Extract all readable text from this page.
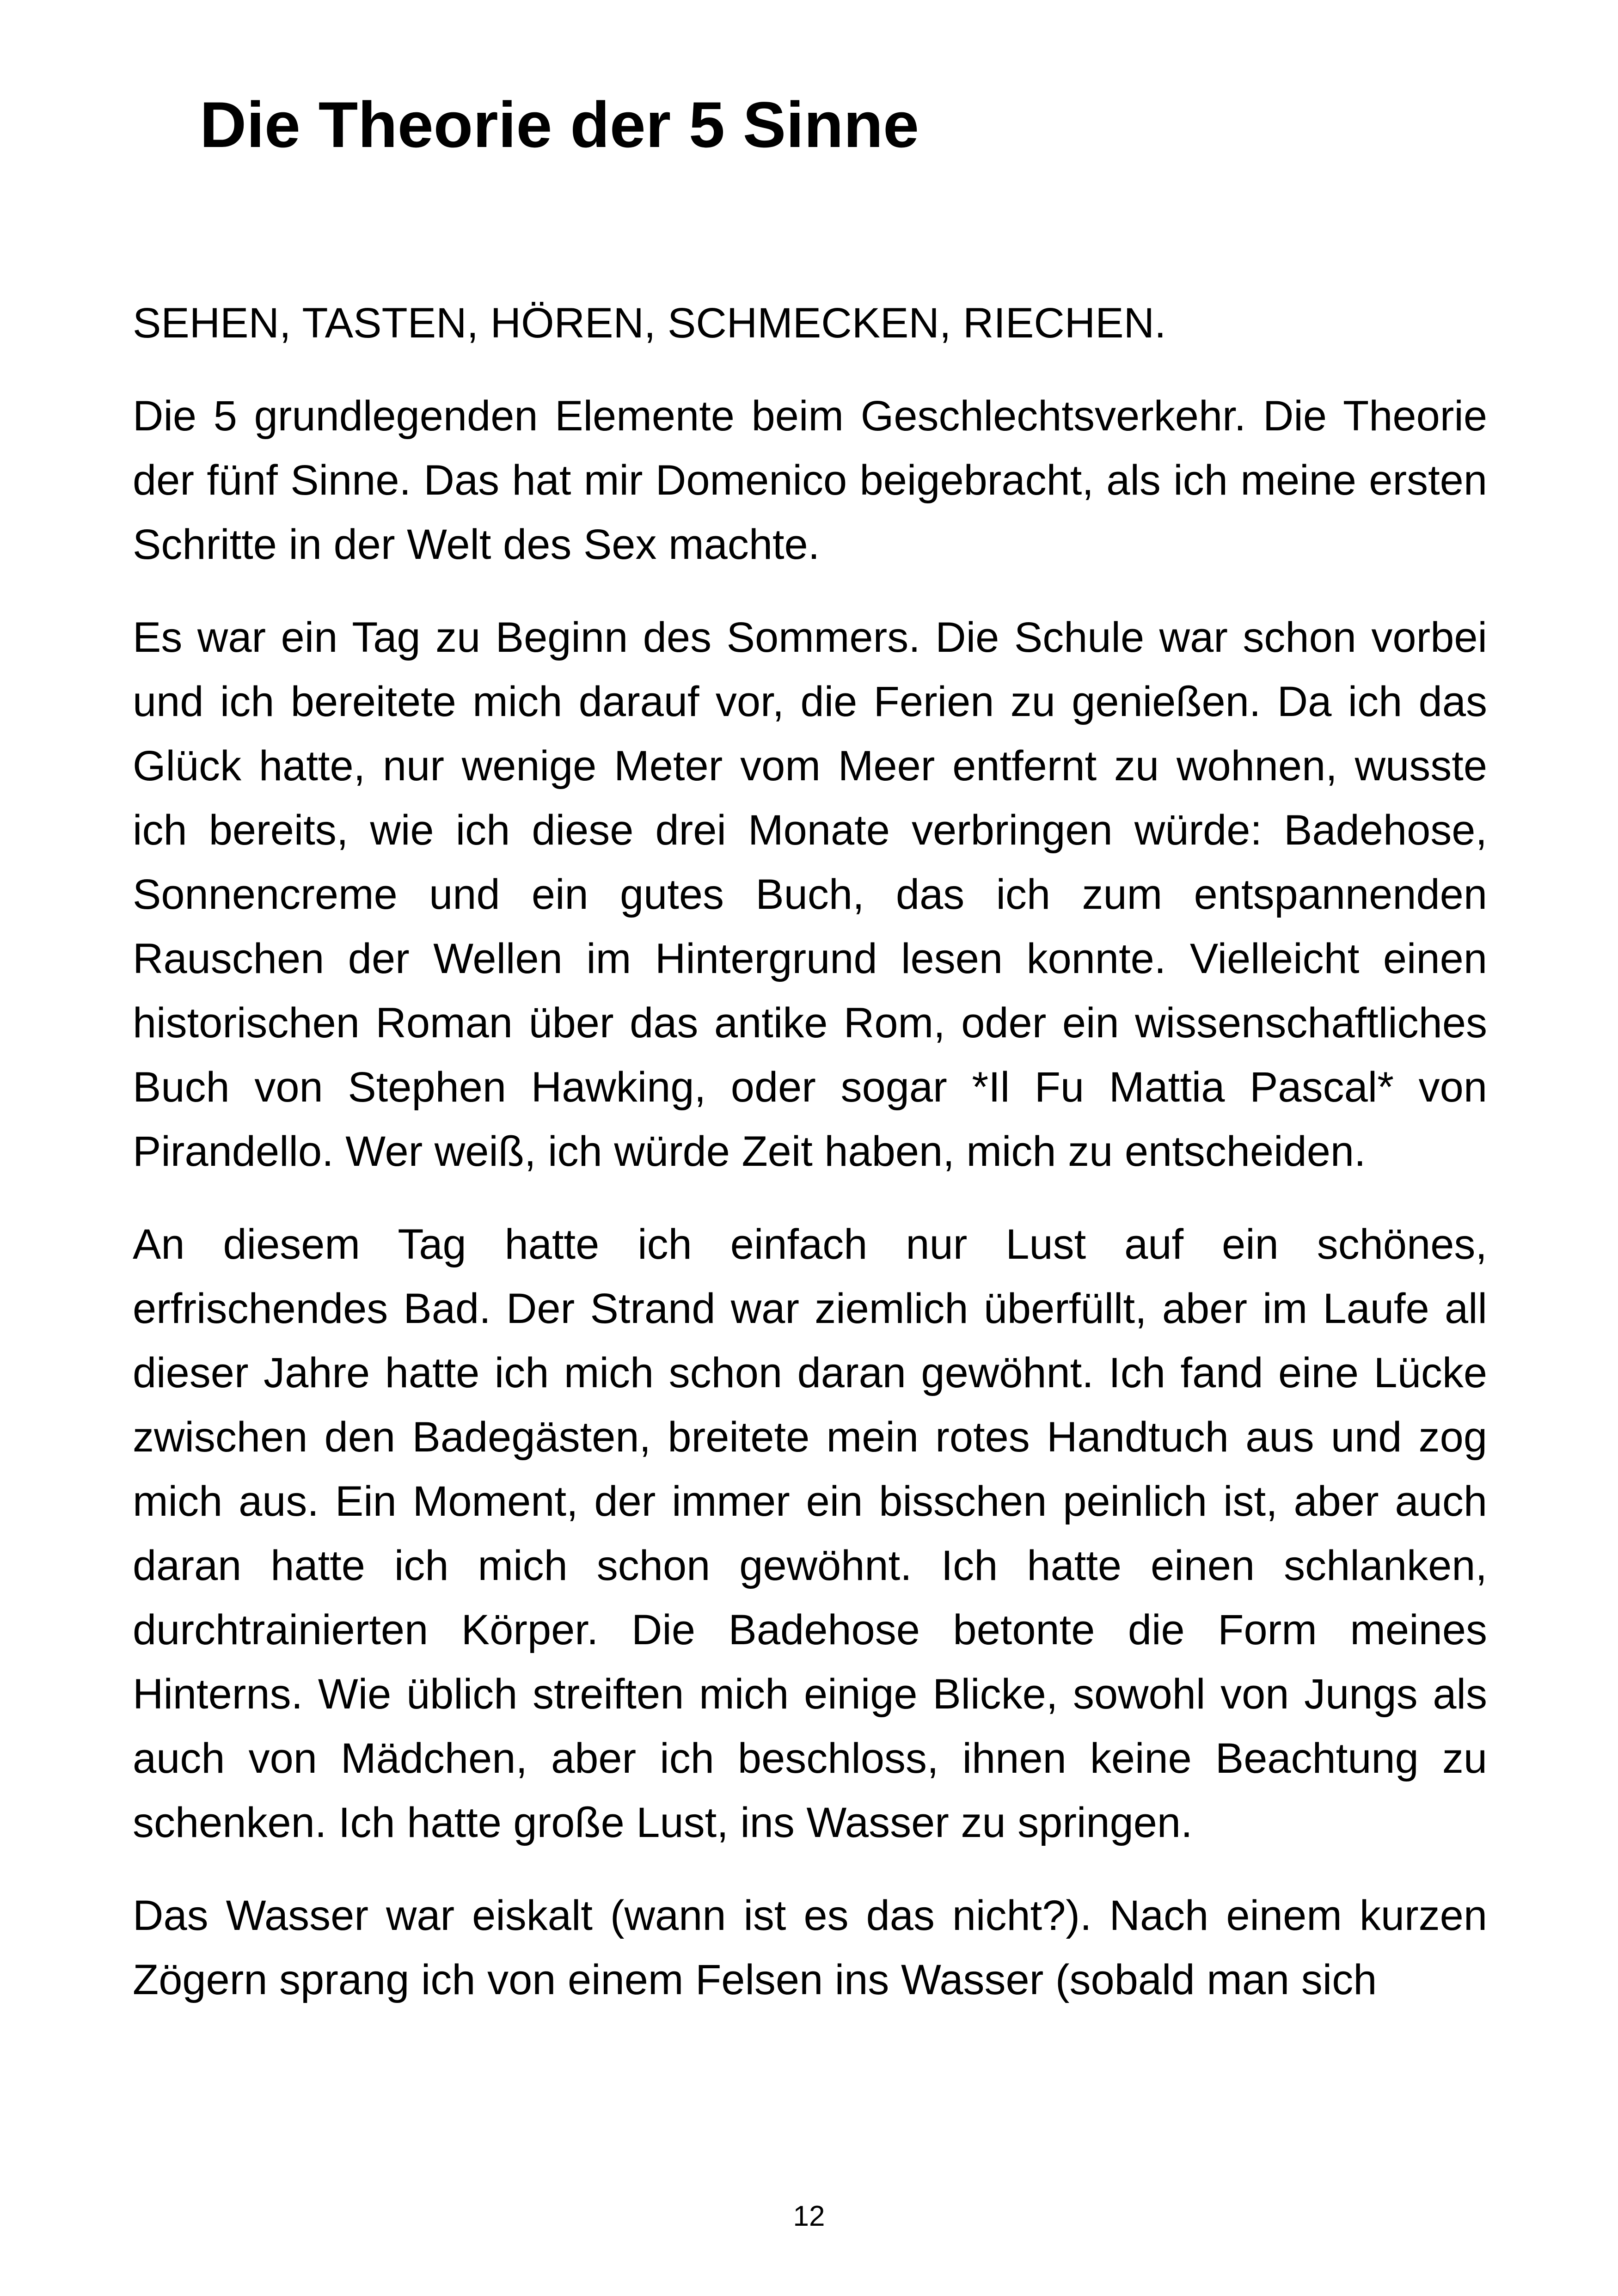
Die Theorie der 5 Sinne

SEHEN, TASTEN, HÖREN, SCHMECKEN, RIECHEN.

Die 5 grundlegenden Elemente beim Geschlechtsverkehr. Die Theorie der fünf Sinne. Das hat mir Domenico beigebracht, als ich meine ersten Schritte in der Welt des Sex machte.

Es war ein Tag zu Beginn des Sommers. Die Schule war schon vorbei und ich bereitete mich darauf vor, die Ferien zu genießen. Da ich das Glück hatte, nur wenige Meter vom Meer entfernt zu wohnen, wusste ich bereits, wie ich diese drei Monate verbringen würde: Badehose, Sonnencreme und ein gutes Buch, das ich zum entspannenden Rauschen der Wellen im Hintergrund lesen konnte. Vielleicht einen historischen Roman über das antike Rom, oder ein wissenschaftliches Buch von Stephen Hawking, oder sogar *Il Fu Mattia Pascal* von Pirandello. Wer weiß, ich würde Zeit haben, mich zu entscheiden.

An diesem Tag hatte ich einfach nur Lust auf ein schönes, erfrischendes Bad. Der Strand war ziemlich überfüllt, aber im Laufe all dieser Jahre hatte ich mich schon daran gewöhnt. Ich fand eine Lücke zwischen den Badegästen, breitete mein rotes Handtuch aus und zog mich aus. Ein Moment, der immer ein bisschen peinlich ist, aber auch daran hatte ich mich schon gewöhnt. Ich hatte einen schlanken, durchtrainierten Körper. Die Badehose betonte die Form meines Hinterns. Wie üblich streiften mich einige Blicke, sowohl von Jungs als auch von Mädchen, aber ich beschloss, ihnen keine Beachtung zu schenken. Ich hatte große Lust, ins Wasser zu springen.

Das Wasser war eiskalt (wann ist es das nicht?). Nach einem kurzen Zögern sprang ich von einem Felsen ins Wasser (sobald man sich

12
